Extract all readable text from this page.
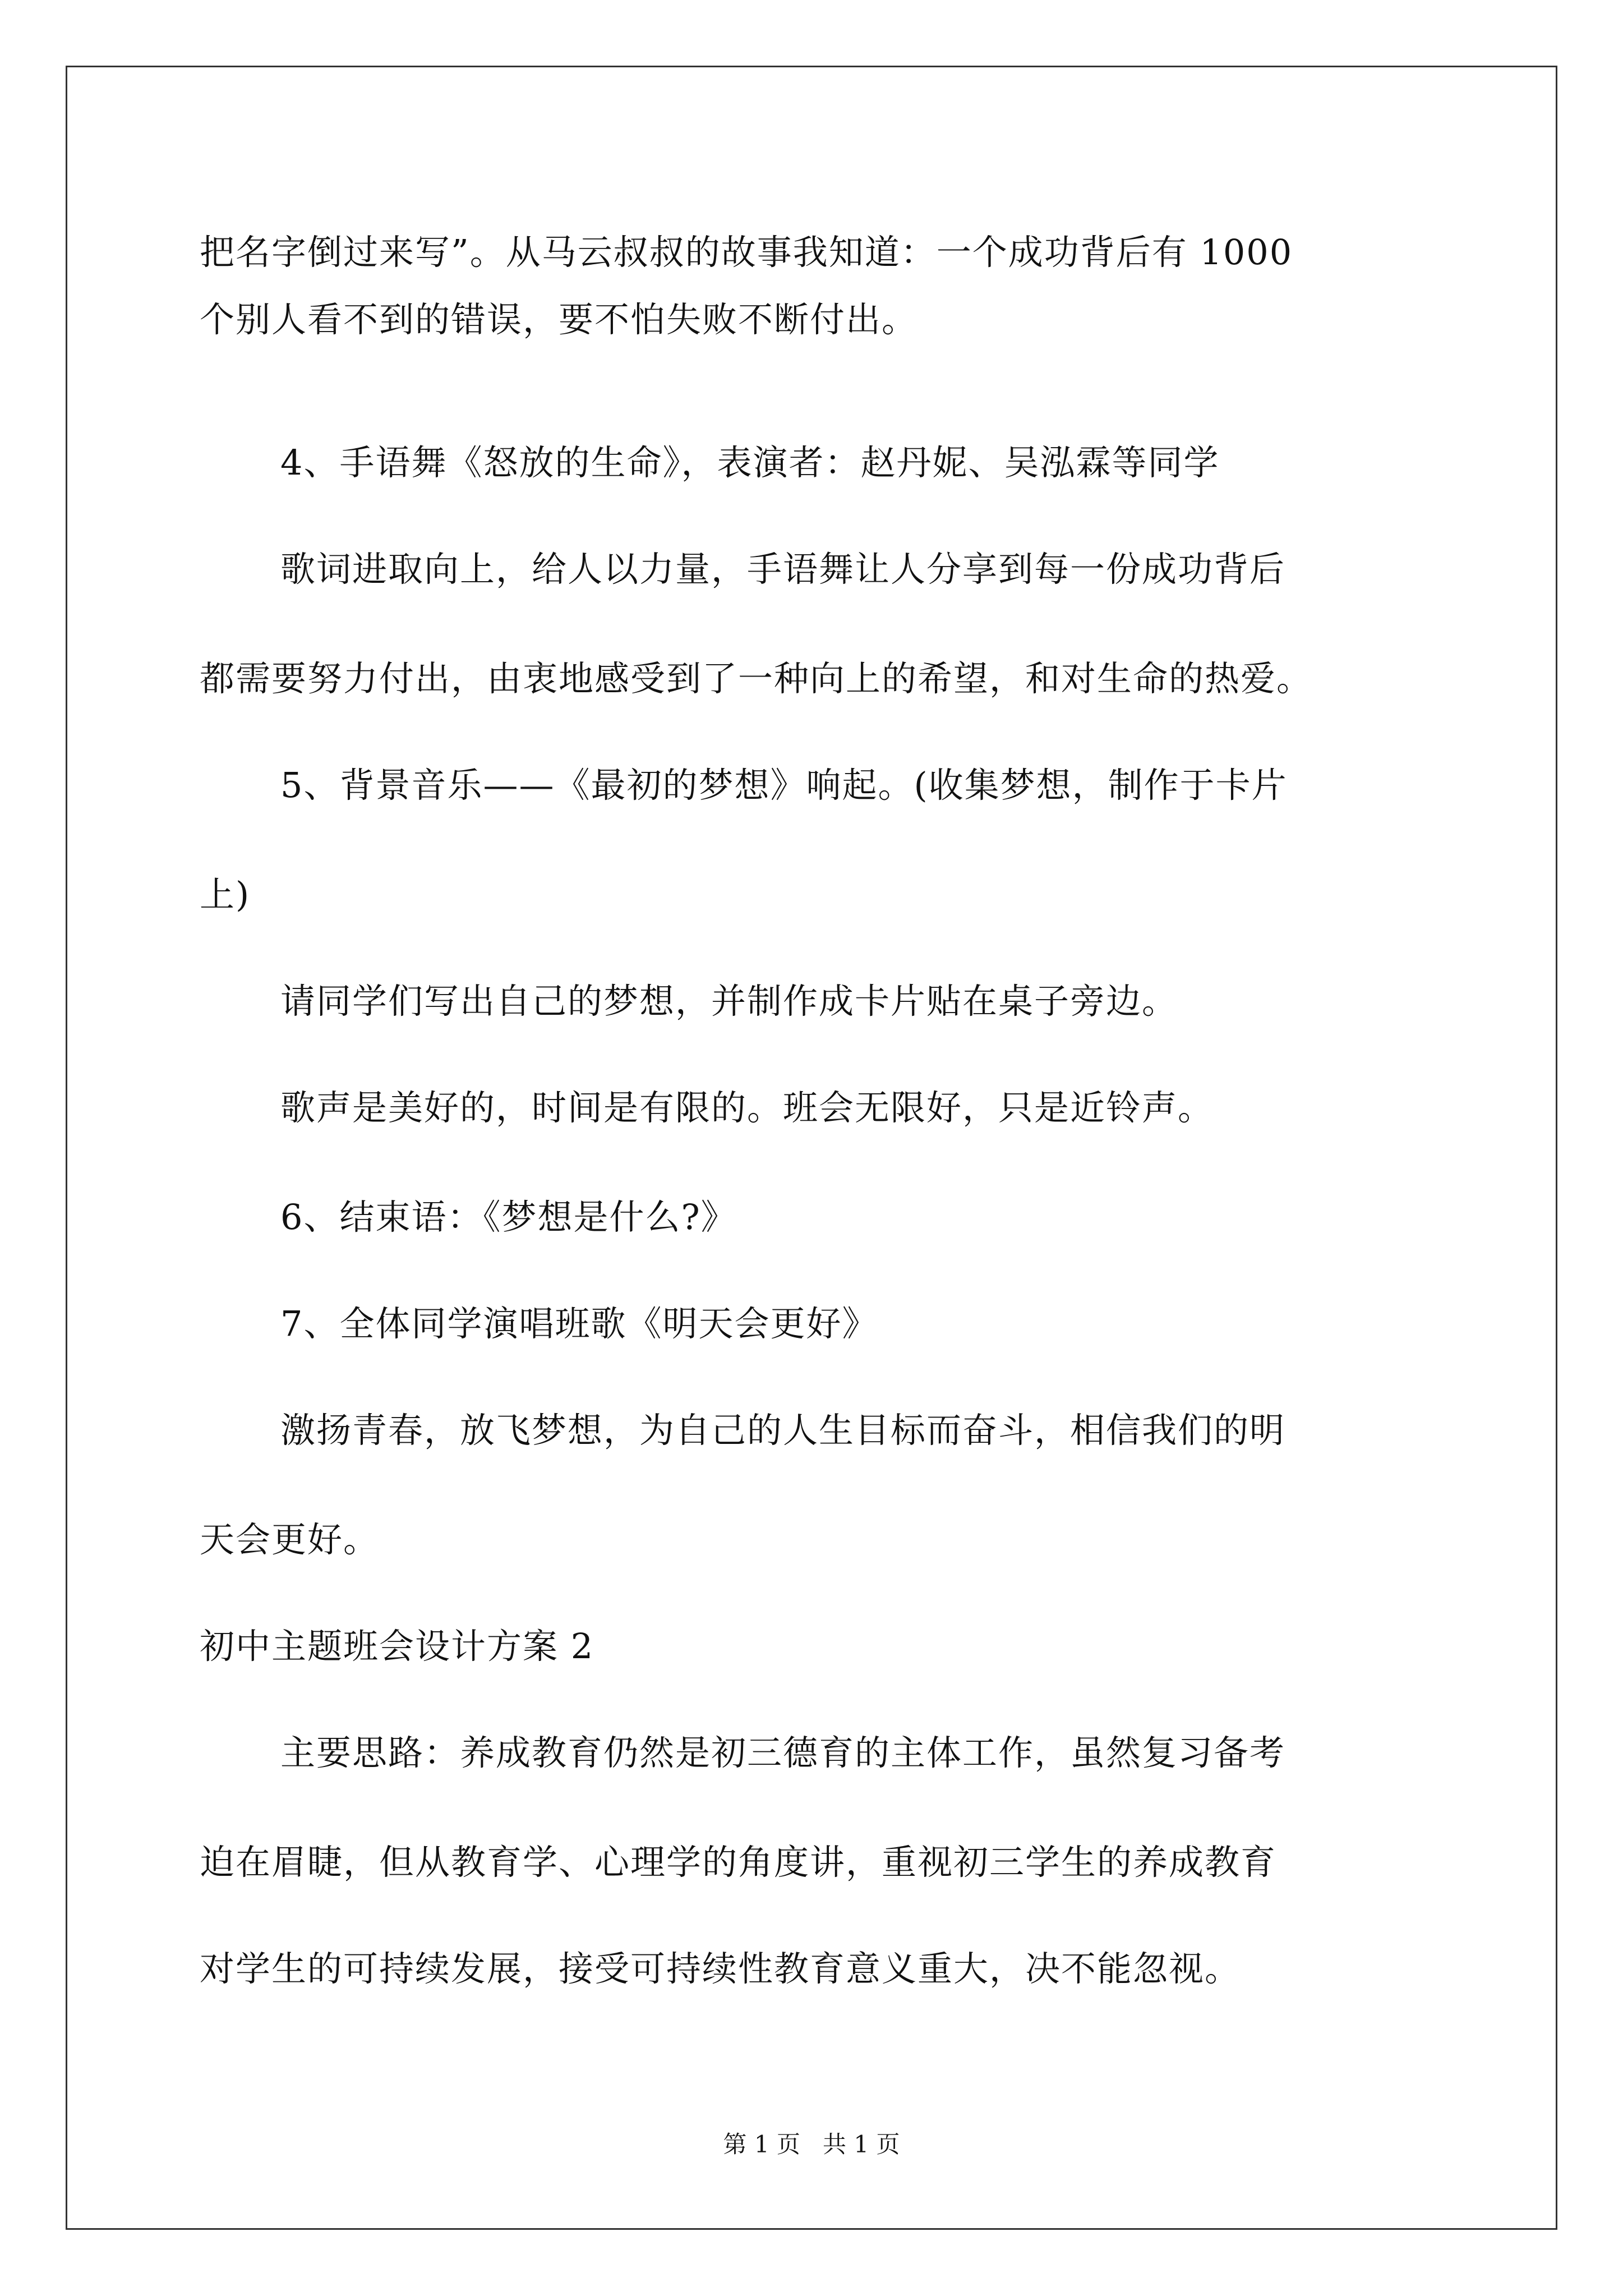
把名字倒过来写”。从马云叔叔的故事我知道：一个成功背后有 1000
个别人看不到的错误，要不怕失败不断付出。
4、手语舞《怒放的生命》，表演者：赵丹妮、吴泓霖等同学
歌词进取向上，给人以力量，手语舞让人分享到每一份成功背后
都需要努力付出，由衷地感受到了一种向上的希望，和对生命的热爱。
5、背景音乐——《最初的梦想》响起。(收集梦想，制作于卡片
上)
请同学们写出自己的梦想，并制作成卡片贴在桌子旁边。
歌声是美好的，时间是有限的。班会无限好，只是近铃声。
6、结束语：《梦想是什么?》
7、全体同学演唱班歌《明天会更好》
激扬青春，放飞梦想，为自己的人生目标而奋斗，相信我们的明
天会更好。
初中主题班会设计方案 2
主要思路：养成教育仍然是初三德育的主体工作，虽然复习备考
迫在眉睫，但从教育学、心理学的角度讲，重视初三学生的养成教育
对学生的可持续发展，接受可持续性教育意义重大，决不能忽视。
第 1 页   共 1 页
